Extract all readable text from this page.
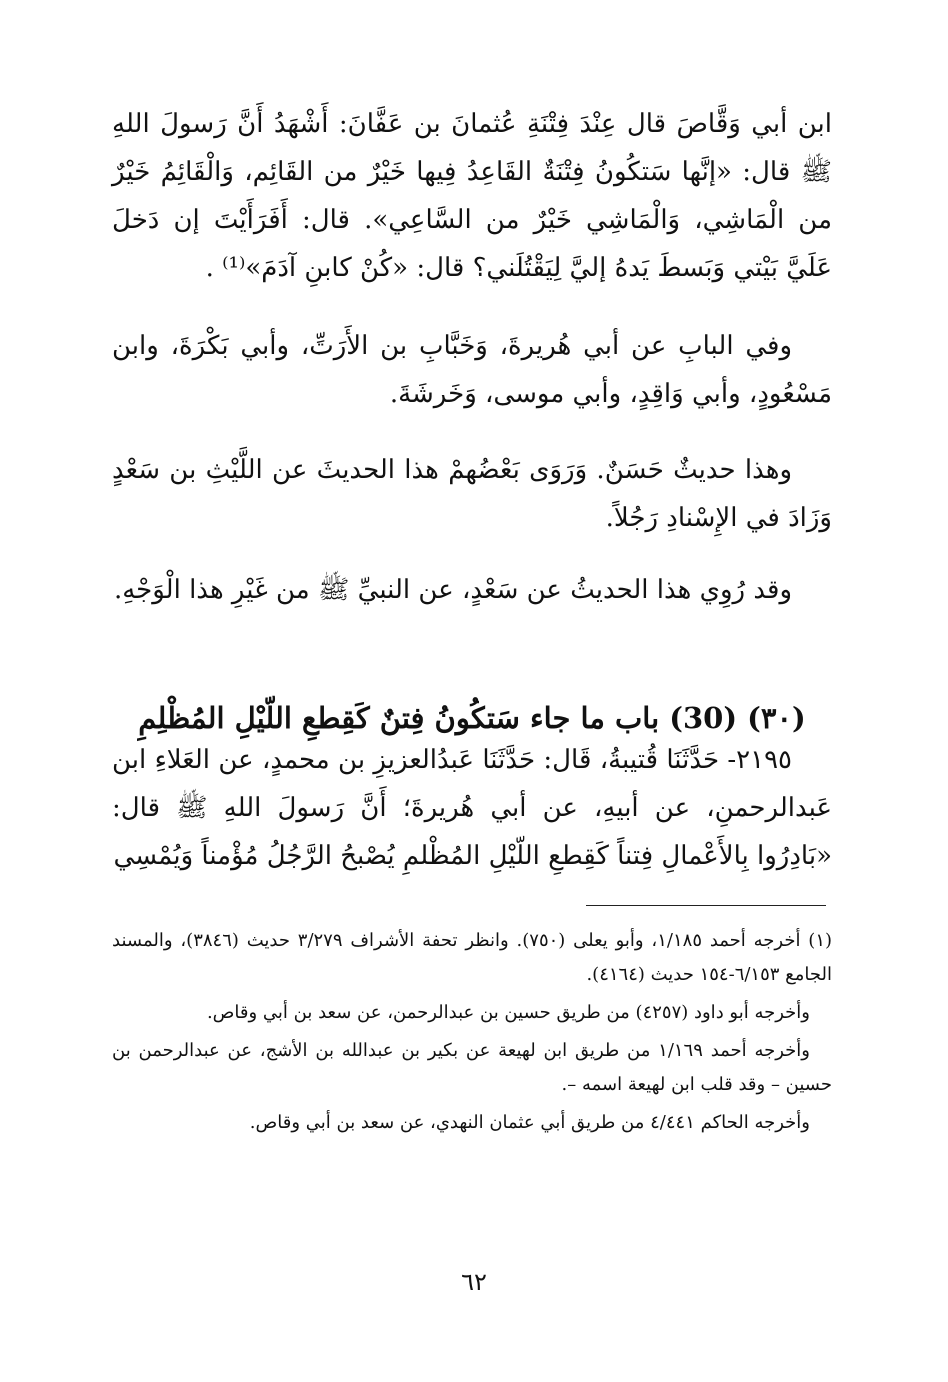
ابن أبي وَقَّاصَ قال عِنْدَ فِتْنَةِ عُثمانَ بن عَفَّانَ: أَشْهَدُ أَنَّ رَسولَ اللهِ ﷺ قال: «إنَّها سَتكُونُ فِتْنَةٌ القَاعِدُ فِيها خَيْرٌ من القَائِم، وَالْقَائِمُ خَيْرٌ من الْمَاشِي، وَالْمَاشِي خَيْرٌ من السَّاعِي». قال: أَفَرَأَيْتَ إن دَخلَ عَلَيَّ بَيْتي وَبَسطَ يَدهُ إليَّ لِيَقْتُلَني؟ قال: «كُنْ كابنِ آدَمَ»⁽¹⁾ .

وفي البابِ عن أبي هُريرةَ، وَخَبَّابِ بن الأَرَتِّ، وأبي بَكْرَةَ، وابن مَسْعُودٍ، وأبي وَاقِدٍ، وأبي موسى، وَخَرشَةَ.

وهذا حديثٌ حَسَنٌ. وَرَوَى بَعْضُهمْ هذا الحديثَ عن اللَّيْثِ بن سَعْدٍ وَزَادَ في الإِسْنادِ رَجُلاً.

وقد رُوِي هذا الحديثُ عن سَعْدٍ، عن النبيِّ ﷺ من غَيْرِ هذا الْوَجْهِ.

(٣٠) (30) باب ما جاء سَتكُونُ فِتنٌ كَقِطعِ اللّيْلِ المُظْلِمِ

٢١٩٥- حَدَّثَنَا قُتيبةُ، قَال: حَدَّثَنَا عَبدُالعزيزِ بن محمدٍ، عن العَلاءِ ابن عَبدالرحمنِ، عن أبيهِ، عن أبي هُريرةَ؛ أَنَّ رَسولَ اللهِ ﷺ قال: «بَادِرُوا بِالأَعْمالِ فِتناً كَقِطعِ اللّيْلِ المُظْلمِ يُصْبحُ الرَّجُلُ مُؤْمناً وَيُمْسِي

(١) أخرجه أحمد ١/١٨٥، وأبو يعلى (٧٥٠). وانظر تحفة الأشراف ٣/٢٧٩ حديث (٣٨٤٦)، والمسند الجامع ٦/١٥٣-١٥٤ حديث (٤١٦٤).

وأخرجه أبو داود (٤٢٥٧) من طريق حسين بن عبدالرحمن، عن سعد بن أبي وقاص.

وأخرجه أحمد ١/١٦٩ من طريق ابن لهيعة عن بكير بن عبدالله بن الأشج، عن عبدالرحمن بن حسين – وقد قلب ابن لهيعة اسمه –.

وأخرجه الحاكم ٤/٤٤١ من طريق أبي عثمان النهدي، عن سعد بن أبي وقاص.

٦٢
